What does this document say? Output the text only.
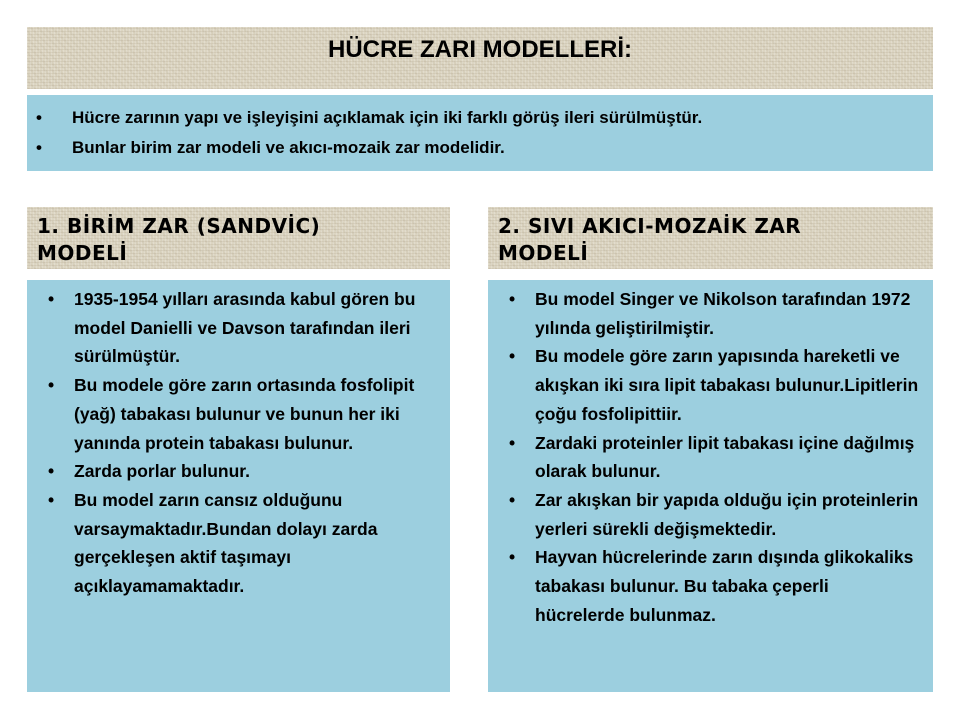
HÜCRE ZARI MODELLERİ:
• Hücre zarının yapı ve işleyişini açıklamak için iki farklı görüş ileri sürülmüştür.
• Bunlar birim zar modeli ve akıcı-mozaik zar modelidir.
1. BİRİM ZAR (SANDVİC)
MODELİ
2. SIVI AKICI-MOZAİK ZAR
MODELİ
• 1935-1954 yılları arasında kabul gören bu model Danielli ve Davson tarafından ileri sürülmüştür.
• Bu modele göre zarın ortasında fosfolipit (yağ) tabakası bulunur ve bunun her iki yanında protein tabakası bulunur.
• Zarda porlar bulunur.
• Bu model zarın cansız olduğunu varsaymaktadır.Bundan dolayı zarda gerçekleşen aktif taşımayı açıklayamamaktadır.
• Bu model Singer ve Nikolson tarafından 1972 yılında geliştirilmiştir.
• Bu modele göre zarın yapısında hareketli ve akışkan iki sıra lipit tabakası bulunur.Lipitlerin çoğu fosfolipittiir.
• Zardaki proteinler lipit tabakası içine dağılmış olarak bulunur.
• Zar akışkan bir yapıda olduğu için proteinlerin yerleri sürekli değişmektedir.
• Hayvan hücrelerinde zarın dışında glikokaliks tabakası bulunur. Bu tabaka çeperli hücrelerde bulunmaz.
